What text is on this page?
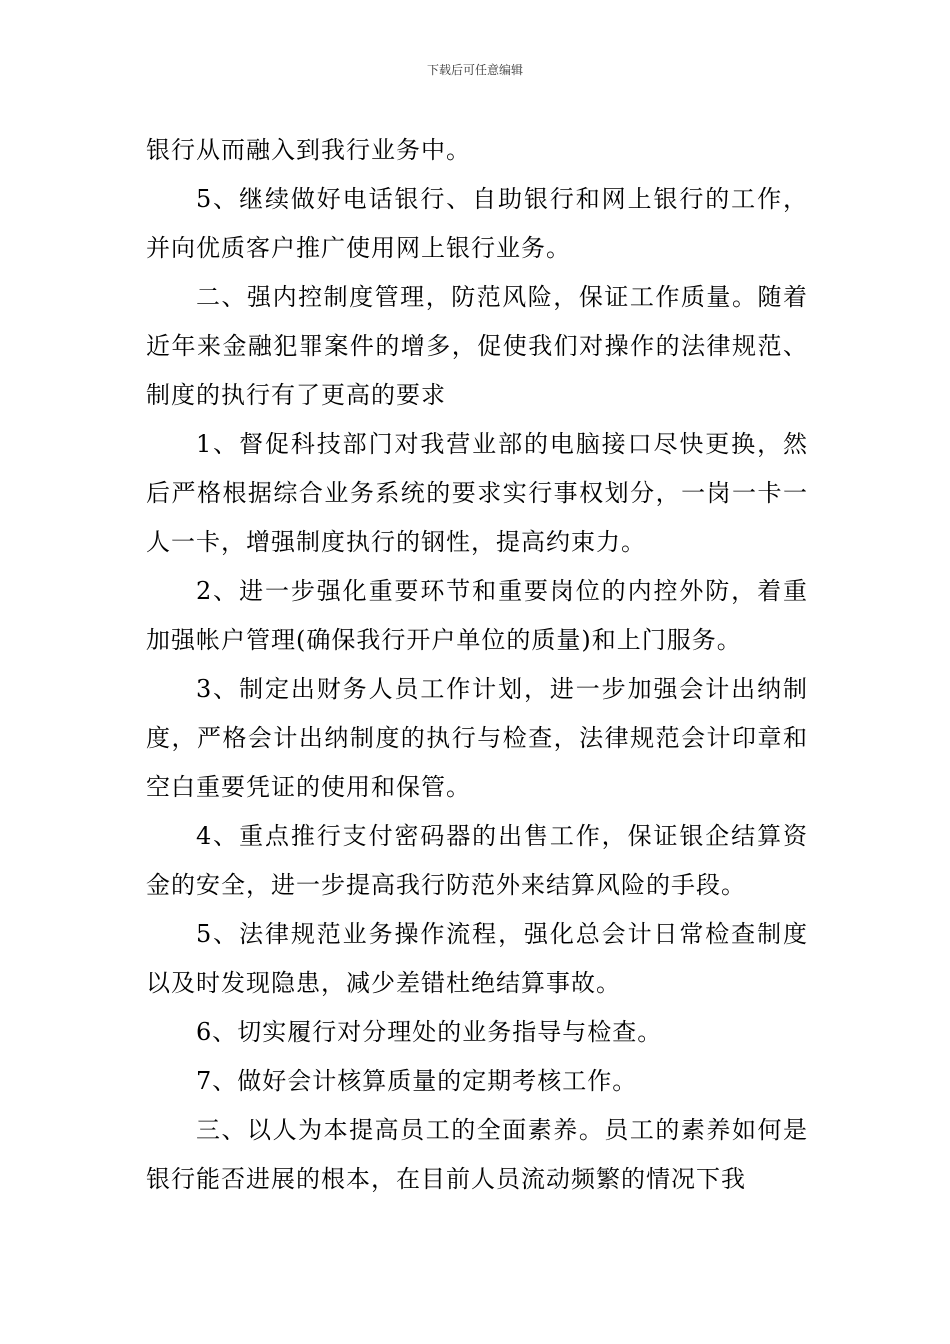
下载后可任意编辑

银行从而融入到我行业务中。

5、继续做好电话银行、自助银行和网上银行的工作，并向优质客户推广使用网上银行业务。

二、强内控制度管理，防范风险，保证工作质量。随着近年来金融犯罪案件的增多，促使我们对操作的法律规范、制度的执行有了更高的要求

1、督促科技部门对我营业部的电脑接口尽快更换，然后严格根据综合业务系统的要求实行事权划分，一岗一卡一人一卡，增强制度执行的钢性，提高约束力。

2、进一步强化重要环节和重要岗位的内控外防，着重加强帐户管理(确保我行开户单位的质量)和上门服务。

3、制定出财务人员工作计划，进一步加强会计出纳制度，严格会计出纳制度的执行与检查，法律规范会计印章和空白重要凭证的使用和保管。

4、重点推行支付密码器的出售工作，保证银企结算资金的安全，进一步提高我行防范外来结算风险的手段。

5、法律规范业务操作流程，强化总会计日常检查制度以及时发现隐患，减少差错杜绝结算事故。

6、切实履行对分理处的业务指导与检查。

7、做好会计核算质量的定期考核工作。

三、以人为本提高员工的全面素养。员工的素养如何是银行能否进展的根本，在目前人员流动频繁的情况下我
